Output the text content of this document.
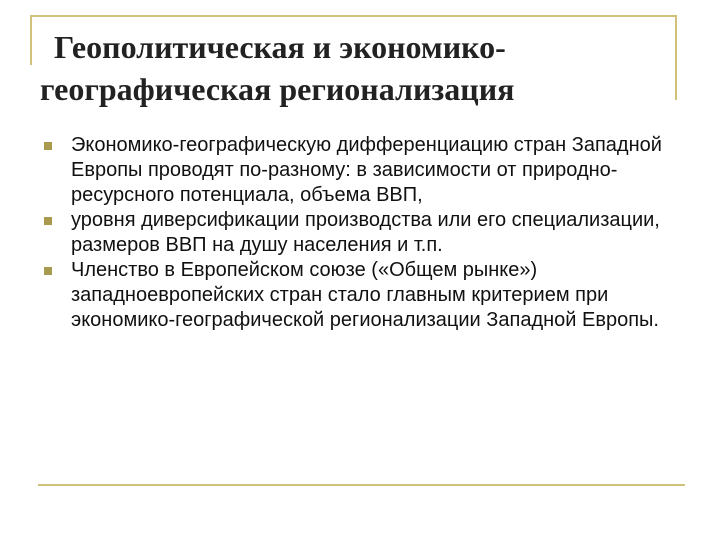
Геополитическая и экономико-
географическая регионализация
Экономико-географическую дифференциацию стран Западной Европы проводят по-разному: в зависимости от природно-ресурсного потенциала, объема ВВП,
уровня диверсификации производства или его специализации, размеров ВВП на душу населения и т.п.
Членство в Европейском союзе («Общем рынке») западноевропейских стран стало главным критерием при экономико-географической регионализации Западной Европы.
